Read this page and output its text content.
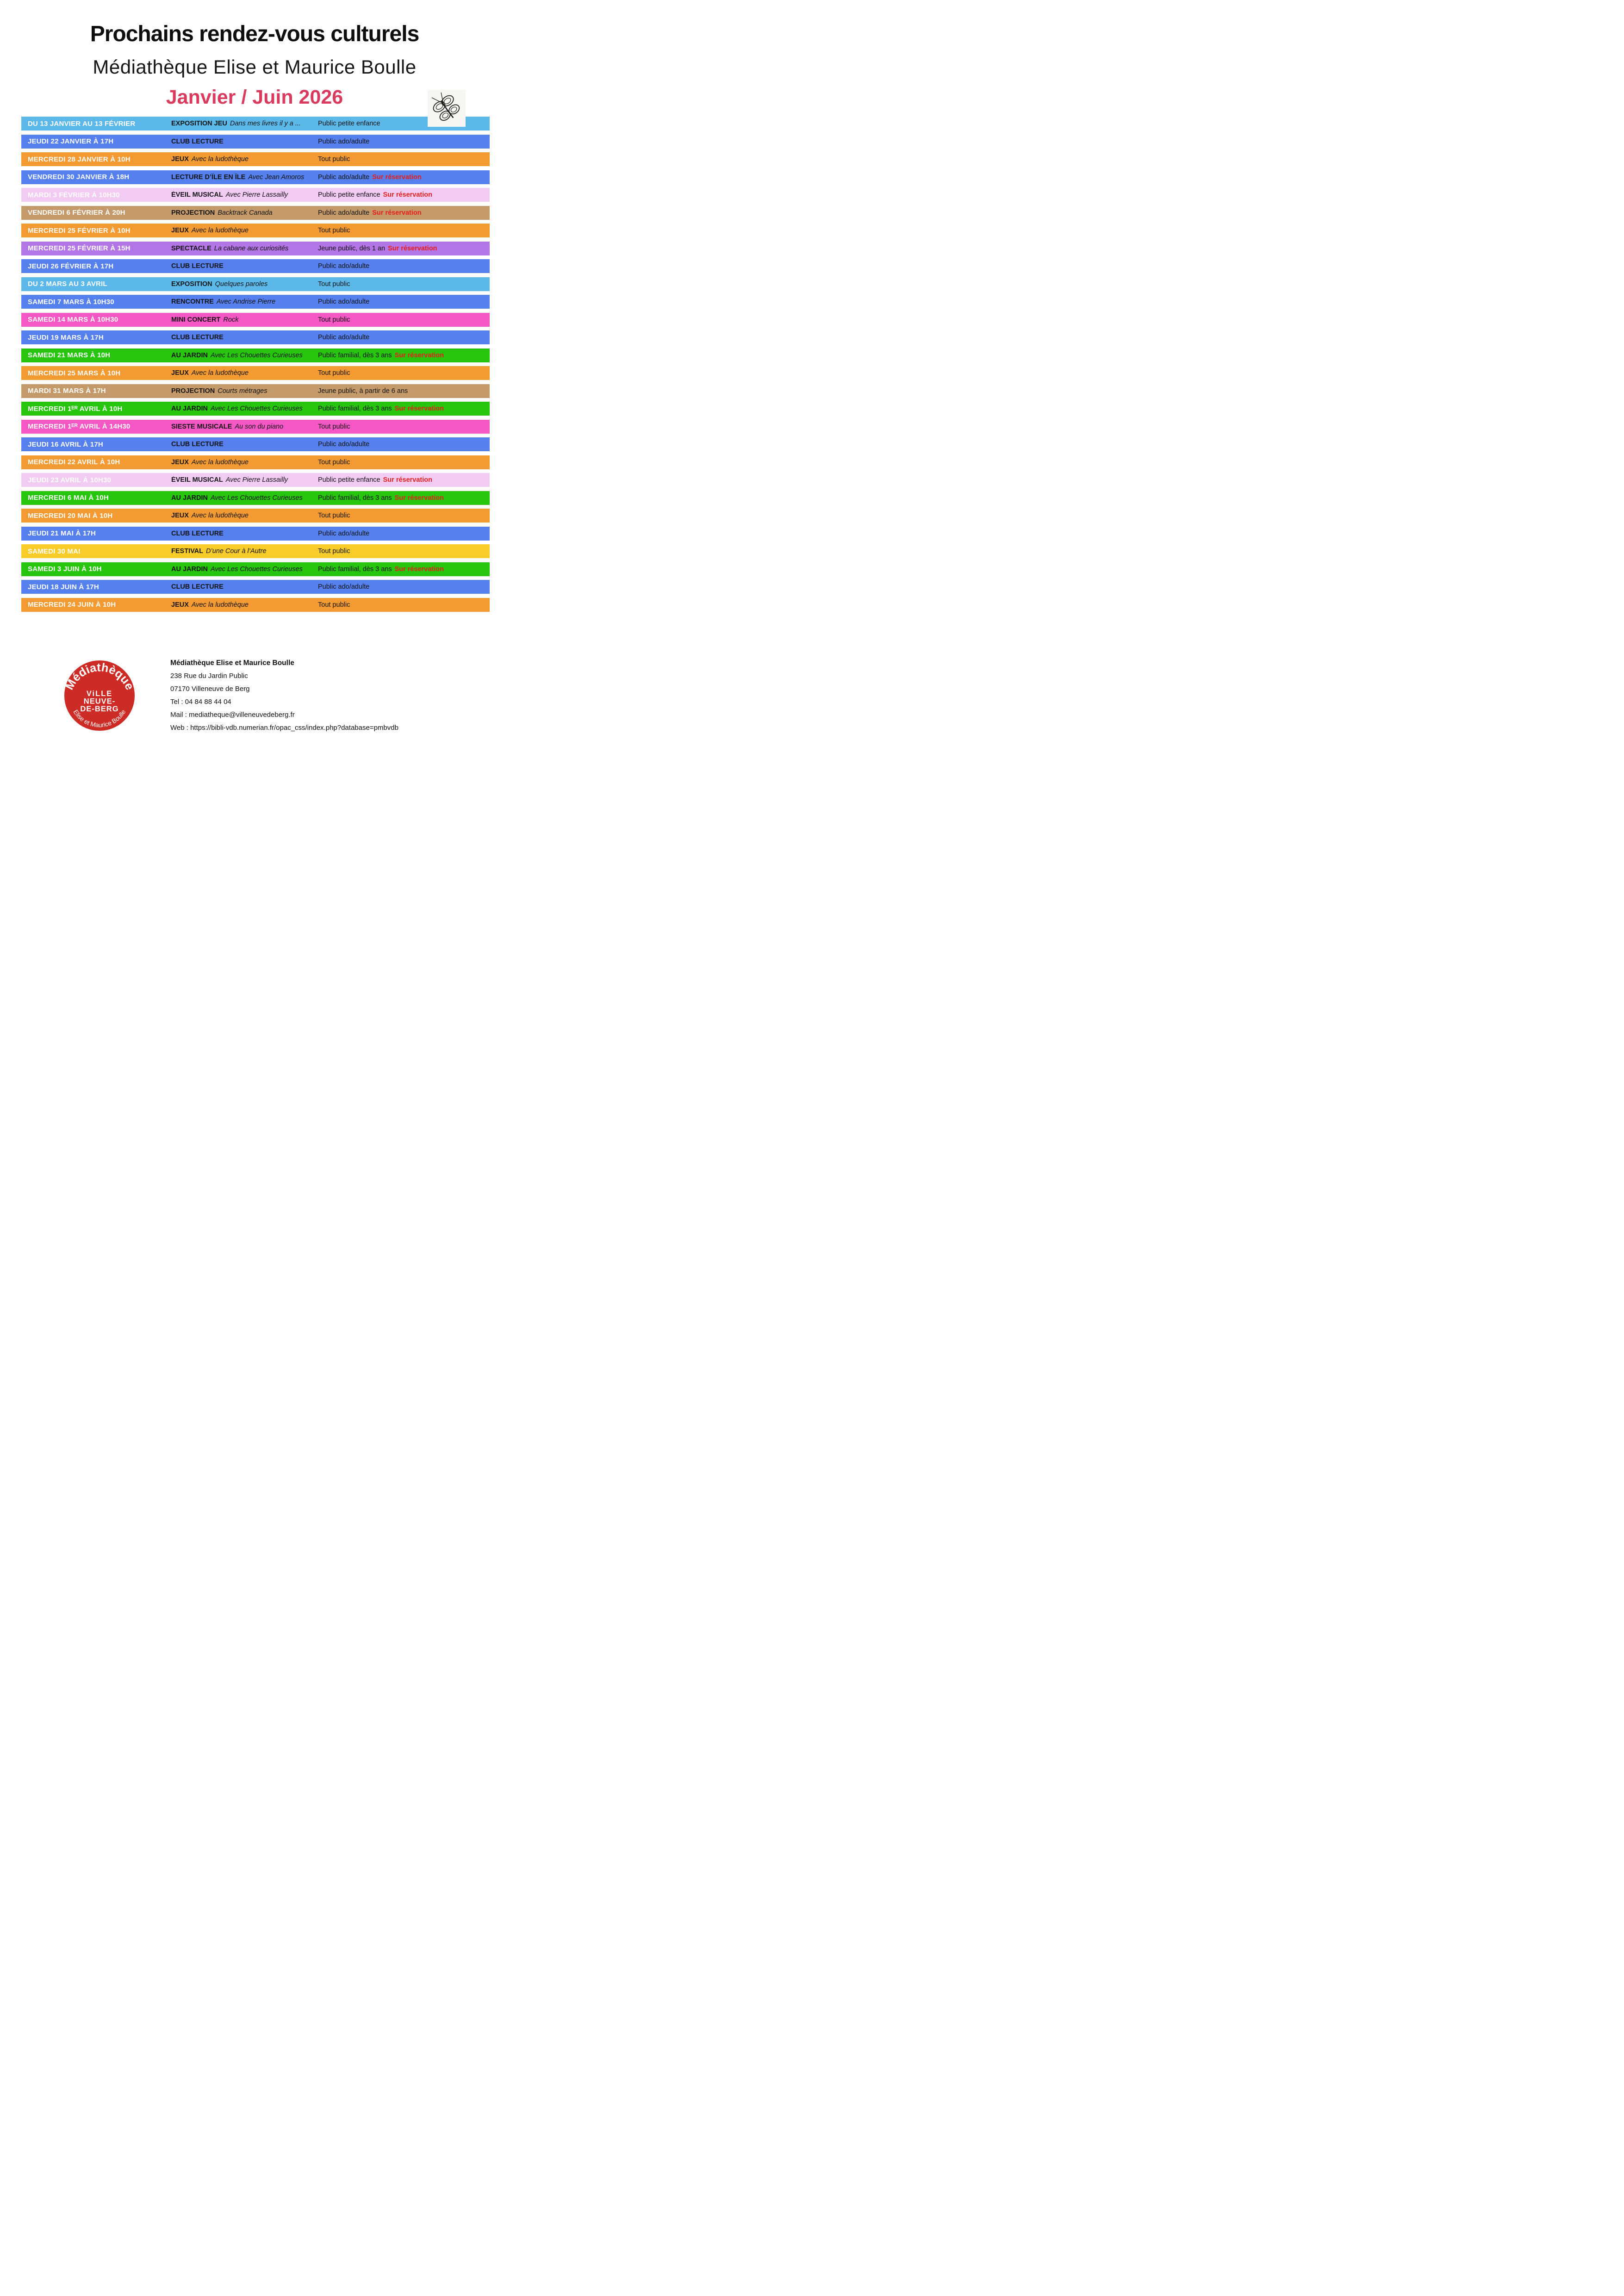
Prochains rendez-vous culturels
Médiathèque Elise et Maurice Boulle
Janvier / Juin 2026
DU 13 JANVIER AU 13 FÉVRIER	EXPOSITION JEU Dans mes livres il y a ...	Public petite enfance
JEUDI 22 JANVIER À 17H	CLUB LECTURE	Public ado/adulte
MERCREDI 28 JANVIER À 10H	JEUX Avec la ludothèque	Tout public
VENDREDI 30 JANVIER À 18H	LECTURE D’ÎLE EN ÎLE Avec Jean Amoros	Public ado/adulte Sur réservation
MARDI 3 FÉVRIER À 10H30	ÉVEIL MUSICAL Avec Pierre Lassailly	Public petite enfance Sur réservation
VENDREDI 6 FÉVRIER À 20H	PROJECTION Backtrack Canada	Public ado/adulte Sur réservation
MERCREDI 25 FÉVRIER À 10H	JEUX Avec la ludothèque	Tout public
MERCREDI 25 FÉVRIER À 15H	SPECTACLE La cabane aux curiosités	Jeune public, dès 1 an Sur réservation
JEUDI 26 FÉVRIER À 17H	CLUB LECTURE	Public ado/adulte
DU 2 MARS AU 3 AVRIL	EXPOSITION Quelques paroles	Tout public
SAMEDI 7 MARS À 10H30	RENCONTRE Avec Andrise Pierre	Public ado/adulte
SAMEDI 14 MARS À 10H30	MINI CONCERT Rock	Tout public
JEUDI 19 MARS À 17H	CLUB LECTURE	Public ado/adulte
SAMEDI 21 MARS À 10H	AU JARDIN Avec Les Chouettes Curieuses	Public familial, dès 3 ans Sur réservation
MERCREDI 25 MARS À 10H	JEUX Avec la ludothèque	Tout public
MARDI 31 MARS À 17H	PROJECTION Courts métrages	Jeune public, à partir de 6 ans
MERCREDI 1ᴱᴿ AVRIL À 10H	AU JARDIN Avec Les Chouettes Curieuses	Public familial, dès 3 ans Sur réservation
MERCREDI 1ᴱᴿ AVRIL À 14H30	SIESTE MUSICALE Au son du piano	Tout public
JEUDI 16 AVRIL À 17H	CLUB LECTURE	Public ado/adulte
MERCREDI 22 AVRIL À 10H	JEUX Avec la ludothèque	Tout public
JEUDI 23 AVRIL À 10H30	ÉVEIL MUSICAL Avec Pierre Lassailly	Public petite enfance Sur réservation
MERCREDI 6 MAI À 10H	AU JARDIN Avec Les Chouettes Curieuses	Public familial, dès 3 ans Sur réservation
MERCREDI 20 MAI À 10H	JEUX Avec la ludothèque	Tout public
JEUDI 21 MAI À 17H	CLUB LECTURE	Public ado/adulte
SAMEDI 30 MAI	FESTIVAL D’une Cour à l’Autre	Tout public
SAMEDI 3 JUIN À 10H	AU JARDIN Avec Les Chouettes Curieuses	Public familial, dès 3 ans Sur réservation
JEUDI 18 JUIN À 17H	CLUB LECTURE	Public ado/adulte
MERCREDI 24 JUIN À 10H	JEUX Avec la ludothèque	Tout public
Médiathèque
ViLLE
NEUVE-
DE-BERG
Elise et Maurice Boulle
Médiathèque Elise et Maurice Boulle
238 Rue du Jardin Public
07170 Villeneuve de Berg
Tel : 04 84 88 44 04
Mail : mediatheque@villeneuvedeberg.fr
Web : https://bibli-vdb.numerian.fr/opac_css/index.php?database=pmbvdb
